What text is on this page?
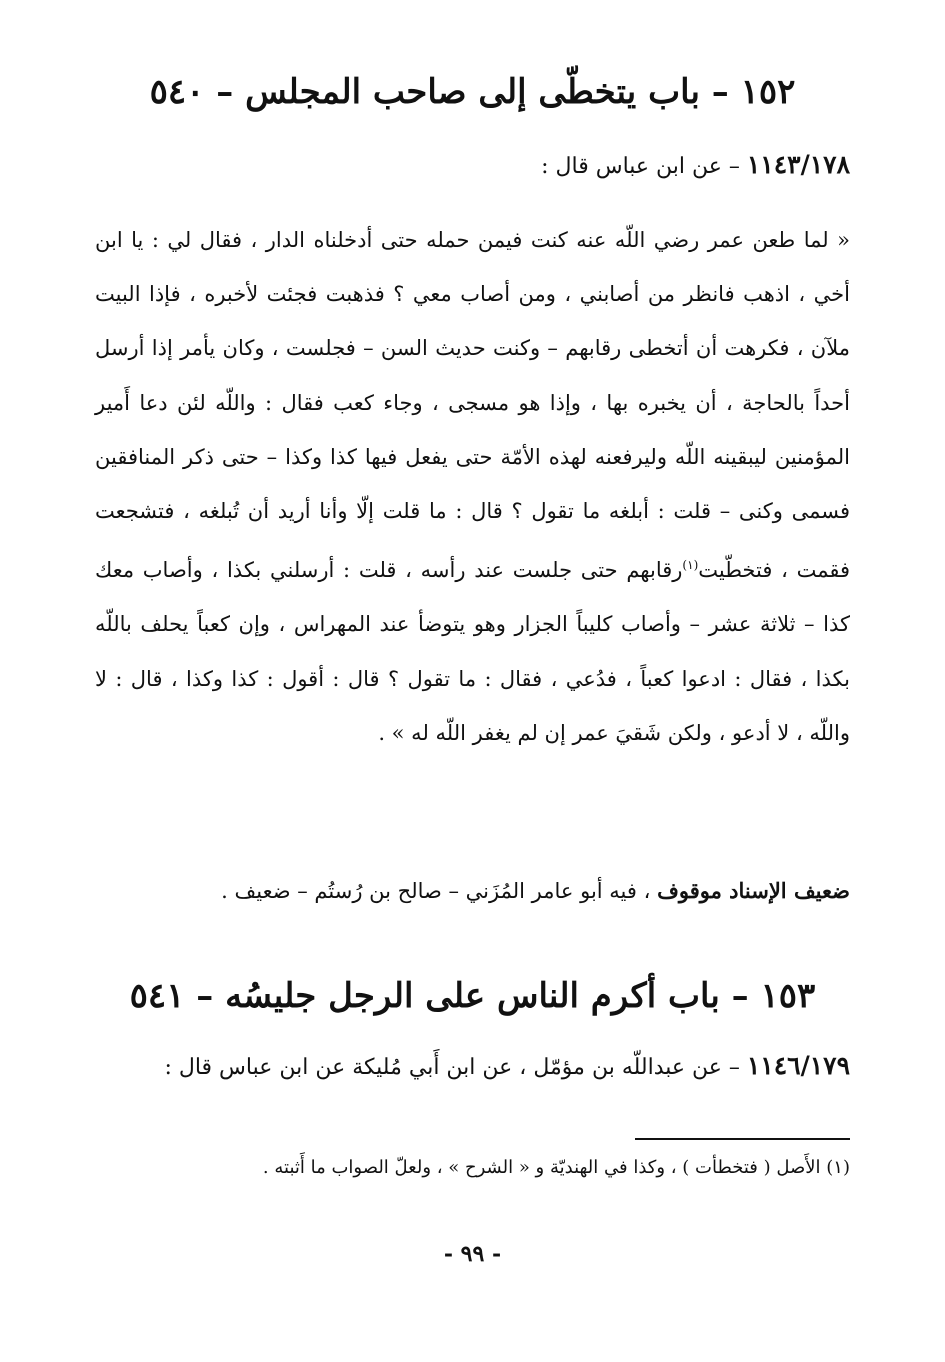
١٥٢ – باب يتخطّى إلى صاحب المجلس – ٥٤٠
١١٤٣/١٧٨ – عن ابن عباس قال :
« لما طعن عمر رضي اللّه عنه كنت فيمن حمله حتى أدخلناه الدار ، فقال لي : يا ابن أخي ، اذهب فانظر من أصابني ، ومن أصاب معي ؟ فذهبت فجئت لأخبره ، فإذا البيت ملآن ، فكرهت أن أتخطى رقابهم – وكنت حديث السن – فجلست ، وكان يأمر إذا أرسل أحداً بالحاجة ، أن يخبره بها ، وإذا هو مسجى ، وجاء كعب فقال : واللّه لئن دعا أَمير المؤمنين ليبقينه اللّه وليرفعنه لهذه الأمّة حتى يفعل فيها كذا وكذا – حتى ذكر المنافقين فسمى وكنى – قلت : أبلغه ما تقول ؟ قال : ما قلت إلّا وأنا أريد أن تُبلغه ، فتشجعت فقمت ، فتخطّيت$^{(١)}$رقابهم حتى جلست عند رأسه ، قلت : أرسلني بكذا ، وأصاب معك كذا – ثلاثة عشر – وأصاب كليباً الجزار وهو يتوضأ عند المهراس ، وإن كعباً يحلف باللّه بكذا ، فقال : ادعوا كعباً ، فدُعي ، فقال : ما تقول ؟ قال : أقول : كذا وكذا ، قال : لا واللّه ، لا أدعو ، ولكن شَقيَ عمر إن لم يغفر اللّه له » .
ضعيف الإسناد موقوف ، فيه أبو عامر المُزَني – صالح بن رُستُم – ضعيف .
١٥٣ – باب أكرم الناس على الرجل جليسُه – ٥٤١
١١٤٦/١٧٩ – عن عبداللّه بن مؤمّل ، عن ابن أَبي مُليكة عن ابن عباس قال :
(١) الأَصل ( فتخطأت ) ، وكذا في الهنديّة و « الشرح » ، ولعلّ الصواب ما أَثبته .
- ٩٩ -
